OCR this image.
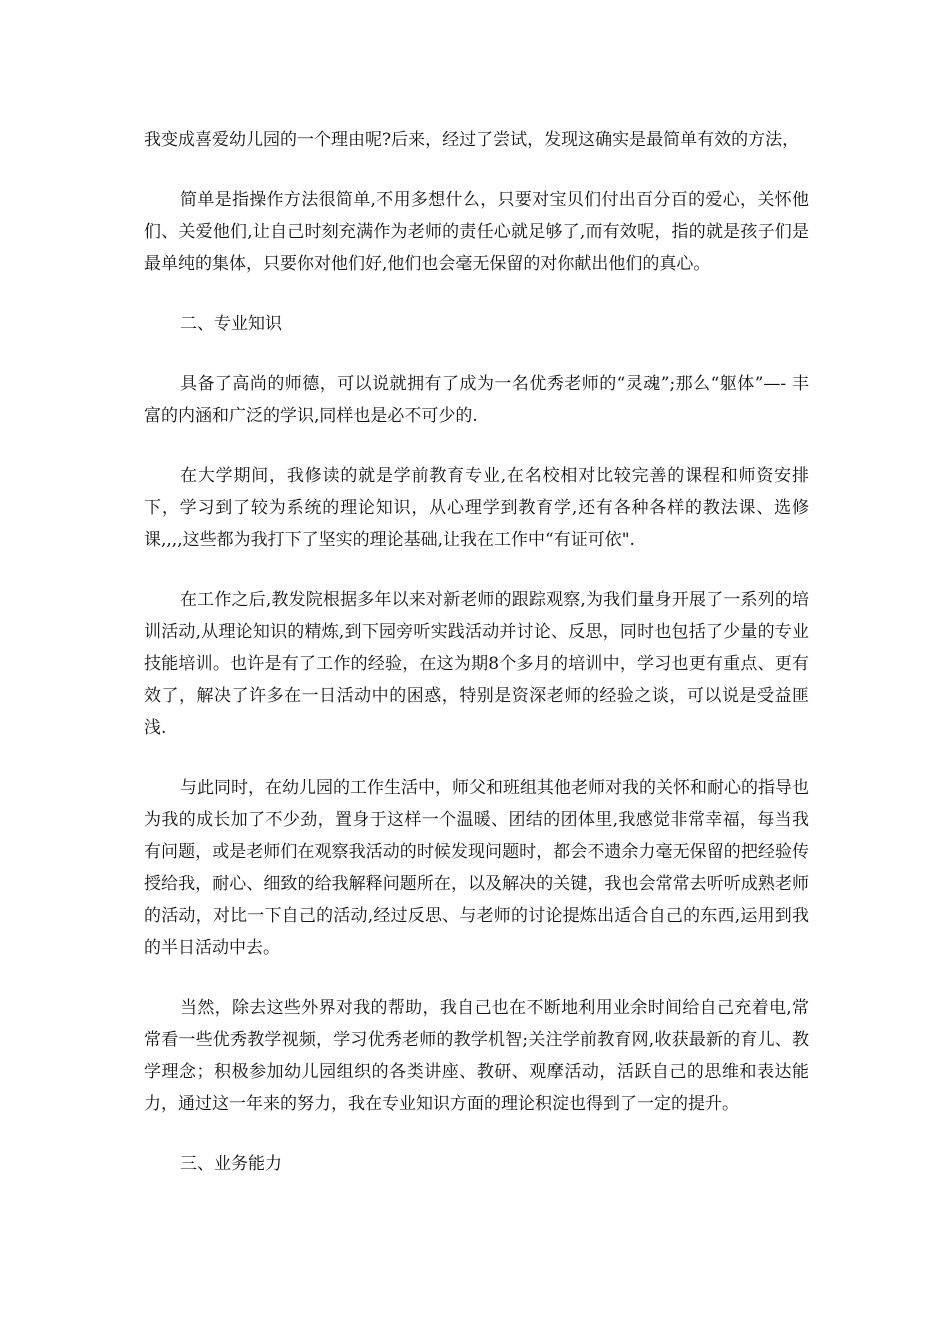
我变成喜爱幼儿园的一个理由呢?后来，经过了尝试，发现这确实是最简单有效的方法，

简单是指操作方法很简单,不用多想什么，只要对宝贝们付出百分百的爱心，关怀他们、关爱他们,让自己时刻充满作为老师的责任心就足够了,而有效呢，指的就是孩子们是最单纯的集体，只要你对他们好,他们也会毫无保留的对你献出他们的真心。

二、专业知识

具备了高尚的师德，可以说就拥有了成为一名优秀老师的“灵魂”;那么“躯体”—- 丰富的内涵和广泛的学识,同样也是必不可少的.

在大学期间，我修读的就是学前教育专业,在名校相对比较完善的课程和师资安排下，学习到了较为系统的理论知识，从心理学到教育学,还有各种各样的教法课、选修课,,,,这些都为我打下了坚实的理论基础,让我在工作中“有证可依".

在工作之后,教发院根据多年以来对新老师的跟踪观察,为我们量身开展了一系列的培训活动,从理论知识的精炼,到下园旁听实践活动并讨论、反思，同时也包括了少量的专业技能培训。也许是有了工作的经验，在这为期8个多月的培训中，学习也更有重点、更有效了，解决了许多在一日活动中的困惑，特别是资深老师的经验之谈，可以说是受益匪浅.

与此同时，在幼儿园的工作生活中，师父和班组其他老师对我的关怀和耐心的指导也为我的成长加了不少劲，置身于这样一个温暖、团结的团体里,我感觉非常幸福，每当我有问题，或是老师们在观察我活动的时候发现问题时，都会不遗余力毫无保留的把经验传授给我，耐心、细致的给我解释问题所在，以及解决的关键，我也会常常去听听成熟老师的活动，对比一下自己的活动,经过反思、与老师的讨论提炼出适合自己的东西,运用到我的半日活动中去。

当然，除去这些外界对我的帮助，我自己也在不断地利用业余时间给自己充着电,常常看一些优秀教学视频，学习优秀老师的教学机智;关注学前教育网,收获最新的育儿、教学理念；积极参加幼儿园组织的各类讲座、教研、观摩活动，活跃自己的思维和表达能力，通过这一年来的努力，我在专业知识方面的理论积淀也得到了一定的提升。

三、业务能力
